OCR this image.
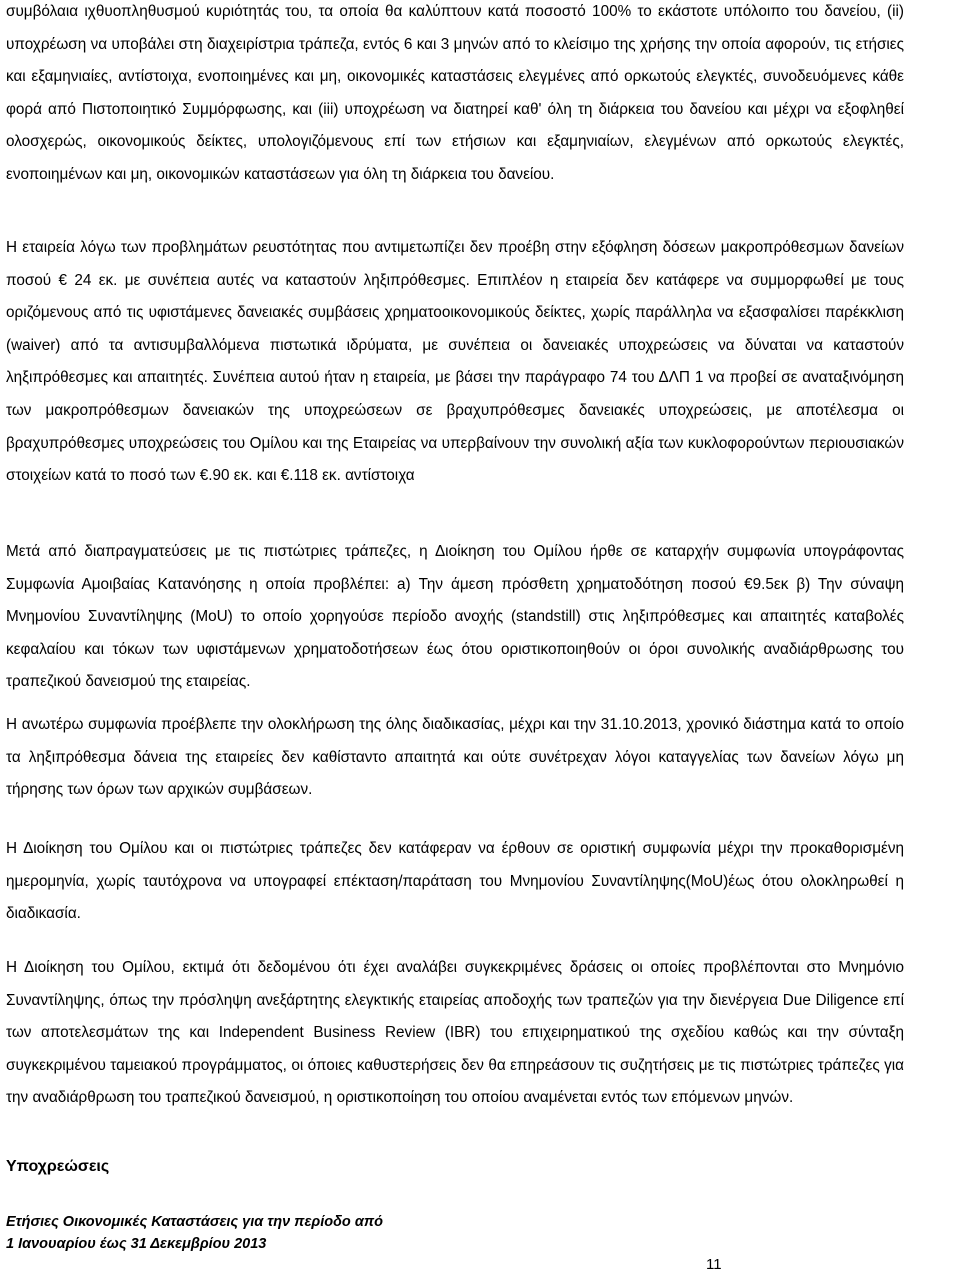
συμβόλαια ιχθυοπληθυσμού κυριότητάς του, τα οποία θα καλύπτουν κατά ποσοστό 100% το εκάστοτε υπόλοιπο του δανείου, (ii) υποχρέωση να υποβάλει στη διαχειρίστρια τράπεζα, εντός 6 και 3 μηνών από το κλείσιμο της χρήσης την οποία αφορούν, τις ετήσιες και εξαμηνιαίες, αντίστοιχα, ενοποιημένες και μη, οικονομικές καταστάσεις ελεγμένες από ορκωτούς ελεγκτές, συνοδευόμενες κάθε φορά από Πιστοποιητικό Συμμόρφωσης, και (iii) υποχρέωση να διατηρεί καθ' όλη τη διάρκεια του δανείου και μέχρι να εξοφληθεί ολοσχερώς, οικονομικούς δείκτες, υπολογιζόμενους επί των ετήσιων και εξαμηνιαίων, ελεγμένων από ορκωτούς ελεγκτές, ενοποιημένων και μη, οικονομικών καταστάσεων για όλη τη διάρκεια του δανείου.

Η εταιρεία λόγω των προβλημάτων ρευστότητας που αντιμετωπίζει δεν προέβη στην εξόφληση δόσεων μακροπρόθεσμων δανείων ποσού € 24 εκ. με συνέπεια αυτές να καταστούν ληξιπρόθεσμες. Επιπλέον η εταιρεία δεν κατάφερε να συμμορφωθεί με τους οριζόμενους από τις υφιστάμενες δανειακές συμβάσεις χρηματοοικονομικούς δείκτες, χωρίς παράλληλα να εξασφαλίσει παρέκκλιση (waiver) από τα αντισυμβαλλόμενα πιστωτικά ιδρύματα, με συνέπεια οι δανειακές υποχρεώσεις να δύναται να καταστούν ληξιπρόθεσμες και απαιτητές. Συνέπεια αυτού ήταν η εταιρεία, με βάσει την παράγραφο 74 του ΔΛΠ 1 να προβεί σε αναταξινόμηση των μακροπρόθεσμων δανειακών της υποχρεώσεων σε βραχυπρόθεσμες δανειακές υποχρεώσεις, με αποτέλεσμα οι βραχυπρόθεσμες υποχρεώσεις του Ομίλου και της Εταιρείας να υπερβαίνουν την συνολική αξία των κυκλοφορούντων περιουσιακών στοιχείων κατά το ποσό των €.90 εκ. και €.118 εκ. αντίστοιχα

Μετά από διαπραγματεύσεις με τις πιστώτριες τράπεζες, η Διοίκηση του Ομίλου ήρθε σε καταρχήν συμφωνία υπογράφοντας Συμφωνία Αμοιβαίας Κατανόησης η οποία προβλέπει: a) Την άμεση πρόσθετη χρηματοδότηση ποσού €9.5εκ β) Την σύναψη Μνημονίου Συναντίληψης (MoU) το οποίο χορηγούσε περίοδο ανοχής (standstill) στις ληξιπρόθεσμες και απαιτητές καταβολές κεφαλαίου και τόκων των υφιστάμενων χρηματοδοτήσεων έως ότου οριστικοποιηθούν οι όροι συνολικής αναδιάρθρωσης του τραπεζικού δανεισμού της εταιρείας.

Η ανωτέρω συμφωνία προέβλεπε την ολοκλήρωση της όλης διαδικασίας, μέχρι και την 31.10.2013, χρονικό διάστημα κατά το οποίο τα ληξιπρόθεσμα δάνεια της εταιρείες δεν καθίσταντο απαιτητά και ούτε συνέτρεχαν λόγοι καταγγελίας των δανείων λόγω μη τήρησης των όρων των αρχικών συμβάσεων.

Η Διοίκηση του Ομίλου και οι πιστώτριες τράπεζες δεν κατάφεραν να έρθουν σε οριστική συμφωνία μέχρι την προκαθορισμένη ημερομηνία, χωρίς ταυτόχρονα να υπογραφεί επέκταση/παράταση του Μνημονίου Συναντίληψης(MoU)έως ότου ολοκληρωθεί η διαδικασία.

Η Διοίκηση του Ομίλου, εκτιμά ότι δεδομένου ότι έχει αναλάβει συγκεκριμένες δράσεις οι οποίες προβλέπονται στο Μνημόνιο Συναντίληψης, όπως την πρόσληψη ανεξάρτητης ελεγκτικής εταιρείας αποδοχής των τραπεζών για την διενέργεια Due Diligence επί των αποτελεσμάτων της και Independent Business Review (IBR) του επιχειρηματικού της σχεδίου καθώς και την σύνταξη συγκεκριμένου ταμειακού προγράμματος, οι όποιες καθυστερήσεις δεν θα επηρεάσουν τις συζητήσεις με τις πιστώτριες τράπεζες για την αναδιάρθρωση του τραπεζικού δανεισμού, η οριστικοποίηση του οποίου αναμένεται εντός των επόμενων μηνών.

Υποχρεώσεις

Ετήσιες Οικονομικές Καταστάσεις για την περίοδο από

1 Ιανουαρίου έως 31 Δεκεμβρίου 2013

11
